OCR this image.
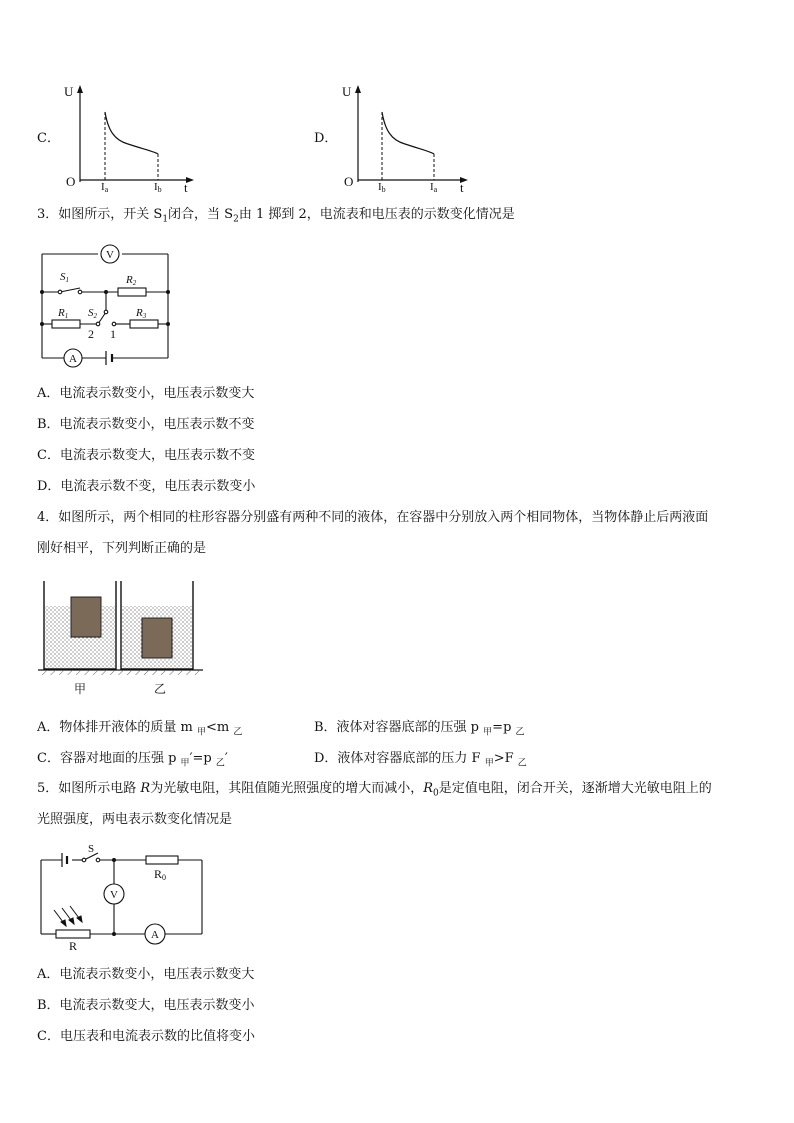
C．
U
O	t
Ia	Ib
D．
U
O	t
Ib	Ia
3．如图所示，开关 $S_1$闭合，当 $S_2$由 1 掷到 2，电流表和电压表的示数变化情况是
V
A
S1	R2
R1 S2	R3
2 1
A．电流表示数变小，电压表示数变大
B．电流表示数变小，电压表示数不变
C．电流表示数变大，电压表示数不变
D．电流表示数不变，电压表示数变小
4．如图所示，两个相同的柱形容器分别盛有两种不同的液体，在容器中分别放入两个相同物体，当物体静止后两液面
刚好相平，下列判断正确的是
甲	乙
A．物体排开液体的质量 m $_甲$<m $_乙$	B．液体对容器底部的压强 p $_甲$=p $_乙$
C．容器对地面的压强 p $_甲$′=p $_乙$′	D．液体对容器底部的压力 F $_甲$>F $_乙$
5．如图所示电路 R为光敏电阻，其阻值随光照强度的增大而减小，$R_0$是定值电阻，闭合开关，逐渐增大光敏电阻上的
光照强度，两电表示数变化情况是
S
R0
V
A
R
A．电流表示数变小，电压表示数变大
B．电流表示数变大，电压表示数变小
C．电压表和电流表示数的比值将变小
